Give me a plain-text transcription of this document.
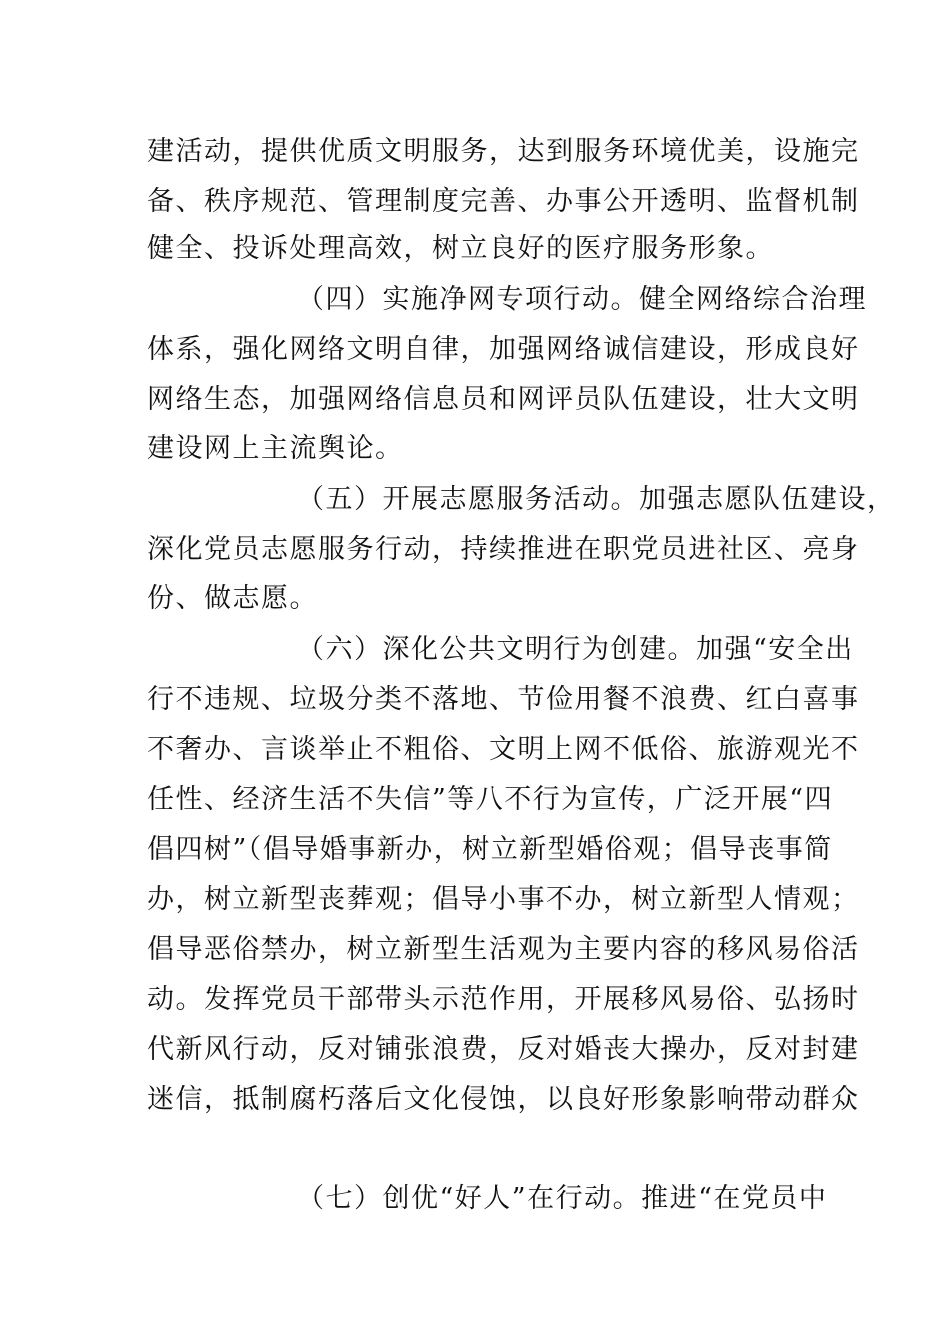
建活动，提供优质文明服务，达到服务环境优美，设施完
备、秩序规范、管理制度完善、办事公开透明、监督机制
健全、投诉处理高效，树立良好的医疗服务形象。
（四）实施净网专项行动。健全网络综合治理
体系，强化网络文明自律，加强网络诚信建设，形成良好
网络生态，加强网络信息员和网评员队伍建设，壮大文明
建设网上主流舆论。
（五）开展志愿服务活动。加强志愿队伍建设，
深化党员志愿服务行动，持续推进在职党员进社区、亮身
份、做志愿。
（六）深化公共文明行为创建。加强“安全出
行不违规、垃圾分类不落地、节俭用餐不浪费、红白喜事
不奢办、言谈举止不粗俗、文明上网不低俗、旅游观光不
任性、经济生活不失信”等八不行为宣传，广泛开展“四
倡四树”（倡导婚事新办，树立新型婚俗观；倡导丧事简
办，树立新型丧葬观；倡导小事不办，树立新型人情观；
倡导恶俗禁办，树立新型生活观为主要内容的移风易俗活
动。发挥党员干部带头示范作用，开展移风易俗、弘扬时
代新风行动，反对铺张浪费，反对婚丧大操办，反对封建
迷信，抵制腐朽落后文化侵蚀，以良好形象影响带动群众
（七）创优“好人”在行动。推进“在党员中
